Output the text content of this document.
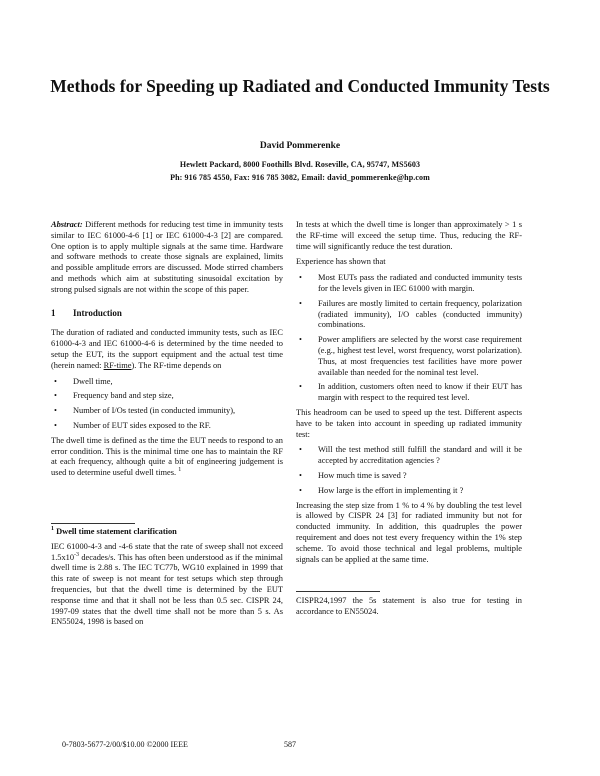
Methods for Speeding up Radiated and Conducted Immunity Tests
David Pommerenke
Hewlett Packard, 8000 Foothills Blvd. Roseville, CA, 95747, MS5603
Ph: 916 785 4550, Fax: 916 785 3082, Email: david_pommerenke@hp.com

Abstract: Different methods for reducing test time in immunity tests similar to IEC 61000-4-6 [1] or IEC 61000-4-3 [2] are compared. One option is to apply multiple signals at the same time. Hardware and software methods to create those signals are explained, limits and possible amplitude errors are discussed. Mode stirred chambers and methods which aim at substituting sinusoidal excitation by strong pulsed signals are not within the scope of this paper.

1 Introduction

The duration of radiated and conducted immunity tests, such as IEC 61000-4-3 and IEC 61000-4-6 is determined by the time needed to setup the EUT, its the support equipment and the actual test time (herein named: RF-time). The RF-time depends on

• Dwell time,
• Frequency band and step size,
• Number of I/Os tested (in conducted immunity),
• Number of EUT sides exposed to the RF.

The dwell time is defined as the time the EUT needs to respond to an error condition. This is the minimal time one has to maintain the RF at each frequency, although quite a bit of engineering judgement is used to determine useful dwell times. $^1$

$^1$ Dwell time statement clarification

IEC 61000-4-3 and -4-6 state that the rate of sweep shall not exceed $1.5x10^{-3}$ decades/s. This has often been understood as if the minimal dwell time is 2.88 s. The IEC TC77b, WG10 explained in 1999 that this rate of sweep is not meant for test setups which step through frequencies, but that the dwell time is determined by the EUT response time and that it shall not be less than 0.5 sec. CISPR 24, 1997-09 states that the dwell time shall not be more than 5 s. As EN55024, 1998 is based on

In tests at which the dwell time is longer than approximately > 1 s the RF-time will exceed the setup time. Thus, reducing the RF-time will significantly reduce the test duration.

Experience has shown that

• Most EUTs pass the radiated and conducted immunity tests for the levels given in IEC 61000 with margin.
• Failures are mostly limited to certain frequency, polarization (radiated immunity), I/O cables (conducted immunity) combinations.
• Power amplifiers are selected by the worst case requirement (e.g., highest test level, worst frequency, worst polarization). Thus, at most frequencies test facilities have more power available than needed for the nominal test level.
• In addition, customers often need to know if their EUT has margin with respect to the required test level.

This headroom can be used to speed up the test. Different aspects have to be taken into account in speeding up radiated immunity test:

• Will the test method still fulfill the standard and will it be accepted by accreditation agencies ?
• How much time is saved ?
• How large is the effort in implementing it ?

Increasing the step size from 1 % to 4 % by doubling the test level is allowed by CISPR 24 [3] for radiated immunity but not for conducted immunity. In addition, this quadruples the power requirement and does not test every frequency within the 1% step scheme. To avoid those technical and legal problems, multiple signals can be applied at the same time.

CISPR24,1997 the 5s statement is also true for testing in accordance to EN55024.

0-7803-5677-2/00/$10.00 ©2000 IEEE	587
